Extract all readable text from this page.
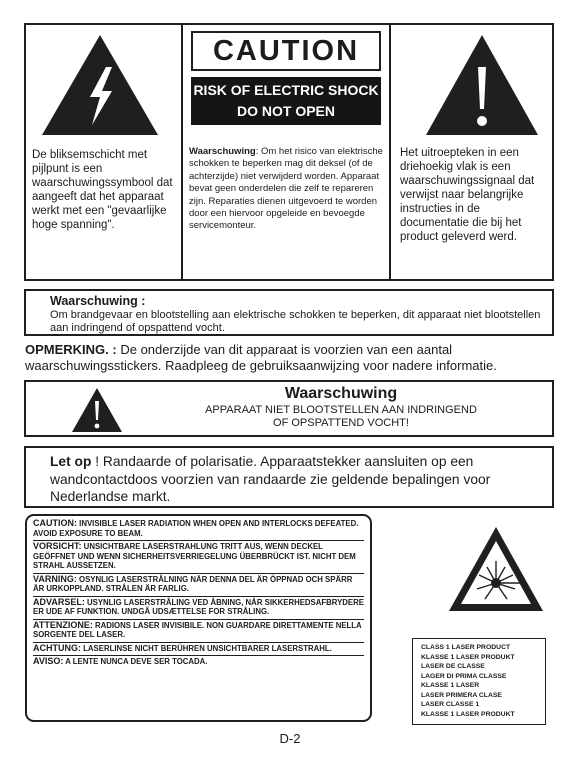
De bliksemschicht met pijlpunt is een waarschuwingssymbool dat aangeeft dat het apparaat werkt met een "gevaarlijke hoge spanning".
CAUTION
RISK OF ELECTRIC SHOCK
DO NOT OPEN
Waarschuwing: Om het risico van elektrische schokken te beperken mag dit deksel (of de achterzijde) niet verwijderd worden. Apparaat bevat geen onderdelen die zelf te repareren zijn. Reparaties dienen uitgevoerd te worden door een hiervoor opgeleide en bevoegde servicemonteur.
Het uitroepteken in een driehoekig vlak is een waarschuwingssignaal dat verwijst naar belangrijke instructies in de documentatie die bij het product geleverd werd.
Waarschuwing :
Om brandgevaar en blootstelling aan elektrische schokken te beperken, dit apparaat niet blootstellen aan indringend of opspattend vocht.
OPMERKING. : De onderzijde van dit apparaat is voorzien van een aantal waarschuwingsstickers. Raadpleeg de gebruiksaanwijzing voor nadere informatie.
Waarschuwing
APPARAAT NIET BLOOTSTELLEN AAN INDRINGEND
OF OPSPATTEND VOCHT!
Let op ! Randaarde of polarisatie. Apparaatstekker aansluiten op een wandcontactdoos voorzien van randaarde zie geldende bepalingen voor Nederlandse markt.
CAUTION: INVISIBLE LASER RADIATION WHEN OPEN AND INTERLOCKS DEFEATED. AVOID EXPOSURE TO BEAM.
VORSICHT: UNSICHTBARE LASERSTRAHLUNG TRITT AUS, WENN DECKEL GEÖFFNET UND WENN SICHERHEITSVERRIEGELUNG ÜBERBRÜCKT IST. NICHT DEM STRAHL AUSSETZEN.
VARNING: OSYNLIG LASERSTRÅLNING NÄR DENNA DEL ÄR ÖPPNAD OCH SPÄRR ÄR URKOPPLAND. STRÅLEN ÄR FARLIG.
ADVARSEL: USYNLIG LASERSTRÅLING VED ÅBNING, NÅR SIKKERHEDSAFBRYDERE ER UDE AF FUNKTION. UNDGÅ UDSÆTTELSE FOR STRÅLING.
ATTENZIONE: RADIONS LASER INVISIBILE. NON GUARDARE DIRETTAMENTE NELLA SORGENTE DEL LASER.
ACHTUNG: LASERLINSE NICHT BERÜHREN UNSICHTBARER LASERSTRAHL.
AVISO: A LENTE NUNCA DEVE SER TOCADA.
CLASS 1 LASER PRODUCT
KLASSE 1 LASER PRODUKT
LASER DE CLASSE
LAGER DI PRIMA CLASSE
KLASSE 1 LASER
LASER PRIMERA CLASE
LASER CLASSE 1
KLASSE 1 LASER PRODUKT
D-2
